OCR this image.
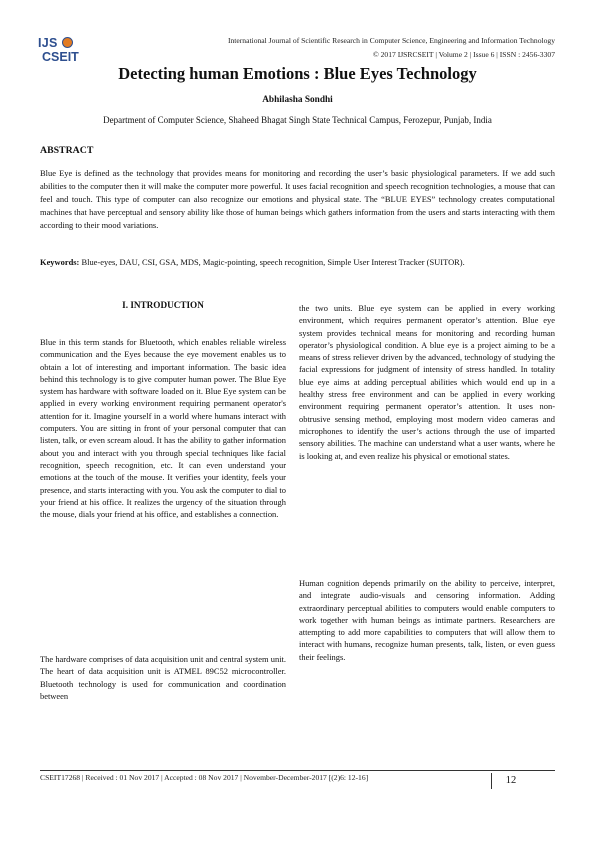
IJS
CSEIT
International Journal of Scientific Research in Computer Science, Engineering and Information Technology
© 2017 IJSRCSEIT | Volume 2 | Issue 6 | ISSN : 2456-3307
Detecting human Emotions : Blue Eyes Technology
Abhilasha Sondhi
Department of Computer Science, Shaheed Bhagat Singh State Technical Campus, Ferozepur, Punjab, India
ABSTRACT

Blue Eye is defined as the technology that provides means for monitoring and recording the user’s basic physiological parameters. If we add such abilities to the computer then it will make the computer more powerful. It uses facial recognition and speech recognition technologies, a mouse that can feel and touch. This type of computer can also recognize our emotions and physical state. The “BLUE EYES” technology creates computational machines that have perceptual and sensory ability like those of human beings which gathers information from the users and starts interacting with them according to their mood variations.

Keywords: Blue-eyes, DAU, CSI, GSA, MDS, Magic-pointing, speech recognition, Simple User Interest Tracker (SUITOR).

I. INTRODUCTION

Blue in this term stands for Bluetooth, which enables reliable wireless communication and the Eyes because the eye movement enables us to obtain a lot of interesting and important information. The basic idea behind this technology is to give computer human power. The Blue Eye system has hardware with software loaded on it. Blue Eye system can be applied in every working environment requiring permanent operator's attention for it. Imagine yourself in a world where humans interact with computers. You are sitting in front of your personal computer that can listen, talk, or even scream aloud. It has the ability to gather information about you and interact with you through special techniques like facial recognition, speech recognition, etc. It can even understand your emotions at the touch of the mouse. It verifies your identity, feels your presence, and starts interacting with you. You ask the computer to dial to your friend at his office. It realizes the urgency of the situation through the mouse, dials your friend at his office, and establishes a connection.

The hardware comprises of data acquisition unit and central system unit. The heart of data acquisition unit is ATMEL 89C52 microcontroller. Bluetooth technology is used for communication and coordination between

the two units. Blue eye system can be applied in every working environment, which requires permanent operator’s attention. Blue eye system provides technical means for monitoring and recording human operator’s physiological condition. A blue eye is a project aiming to be a means of stress reliever driven by the advanced, technology of studying the facial expressions for judgment of intensity of stress handled. In totality blue eye aims at adding perceptual abilities which would end up in a healthy stress free environment and can be applied in every working environment requiring permanent operator’s attention. It uses non-obtrusive sensing method, employing most modern video cameras and microphones to identify the user’s actions through the use of imparted sensory abilities. The machine can understand what a user wants, where he is looking at, and even realize his physical or emotional states.

Human cognition depends primarily on the ability to perceive, interpret, and integrate audio-visuals and censoring information. Adding extraordinary perceptual abilities to computers would enable computers to work together with human beings as intimate partners. Researchers are attempting to add more capabilities to computers that will allow them to interact with humans, recognize human presents, talk, listen, or even guess their feelings.

CSEIT17268 | Received : 01 Nov 2017 | Accepted : 08 Nov 2017 | November-December-2017 [(2)6: 12-16]	12
